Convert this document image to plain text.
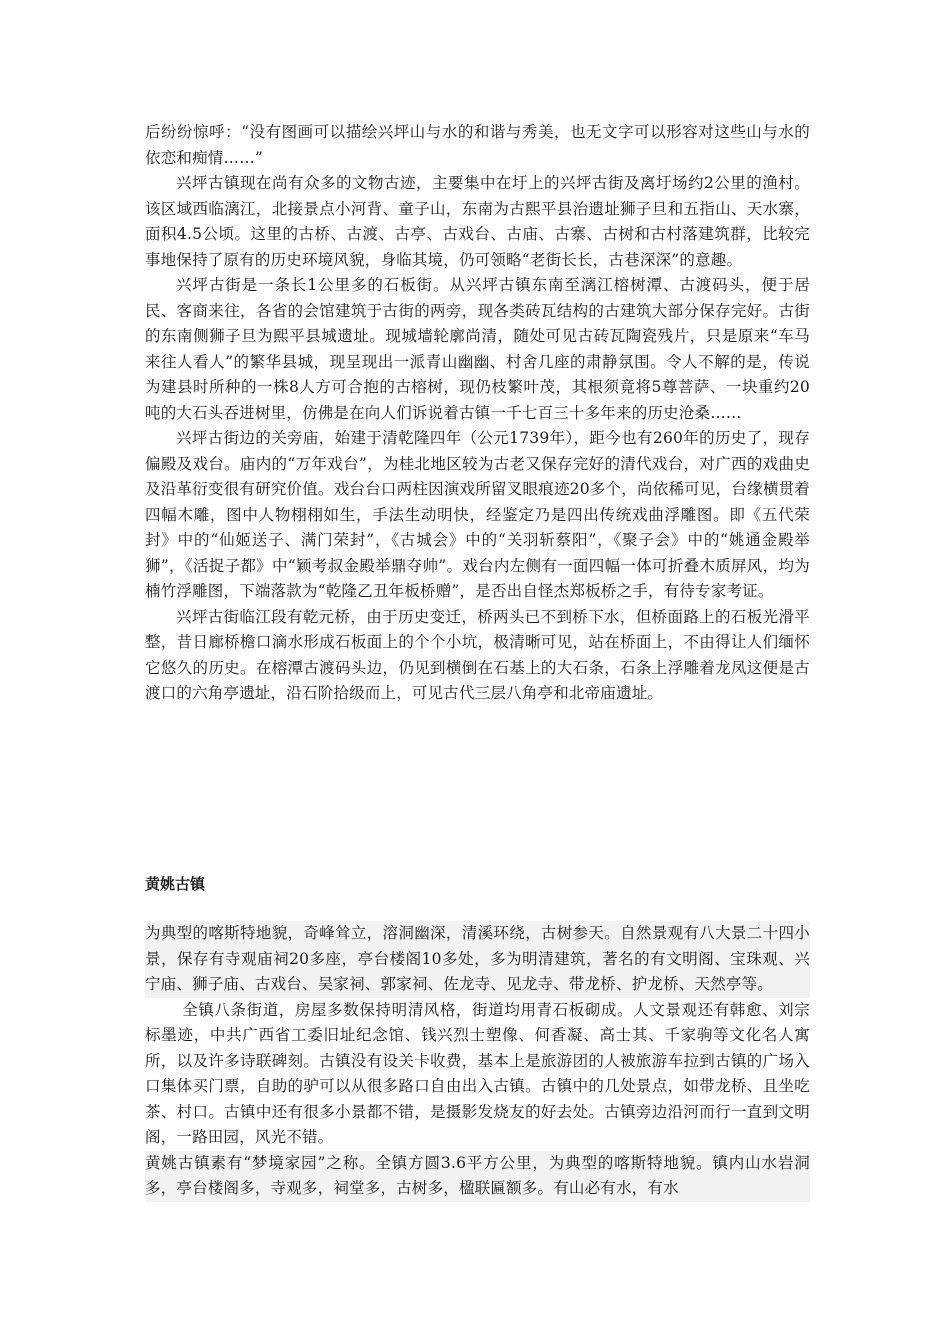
后纷纷惊呼：“没有图画可以描绘兴坪山与水的和谐与秀美，也无文字可以形容对这些山与水的依恋和痴情……”

兴坪古镇现在尚有众多的文物古迹，主要集中在圩上的兴坪古街及离圩场约2公里的渔村。该区域西临漓江，北接景点小河背、童子山，东南为古熙平县治遗址狮子旦和五指山、天水寨，面积4.5公顷。这里的古桥、古渡、古亭、古戏台、古庙、古寨、古树和古村落建筑群，比较完事地保持了原有的历史环境风貌，身临其境，仍可领略“老街长长，古巷深深”的意趣。

兴坪古街是一条长1公里多的石板街。从兴坪古镇东南至漓江榕树潭、古渡码头，便于居民、客商来往，各省的会馆建筑于古街的两旁，现各类砖瓦结构的古建筑大部分保存完好。古街的东南侧狮子旦为熙平县城遗址。现城墙轮廓尚清，随处可见古砖瓦陶瓷残片，只是原来“车马来往人看人”的繁华县城，现呈现出一派青山幽幽、村舍几座的肃静氛围。令人不解的是，传说为建县时所种的一株8人方可合抱的古榕树，现仍枝繁叶茂，其根须竟将5尊菩萨、一块重约20吨的大石头吞进树里，仿佛是在向人们诉说着古镇一千七百三十多年来的历史沧桑……

兴坪古街边的关旁庙，始建于清乾隆四年（公元1739年），距今也有260年的历史了，现存偏殿及戏台。庙内的“万年戏台”，为桂北地区较为古老又保存完好的清代戏台，对广西的戏曲史及沿革衍变很有研究价值。戏台台口两柱因演戏所留叉眼痕迹20多个，尚依稀可见，台缘横贯着四幅木雕，图中人物栩栩如生，手法生动明快，经鉴定乃是四出传统戏曲浮雕图。即《五代荣封》中的“仙姬送子、满门荣封”，《古城会》中的“关羽斩蔡阳”，《聚子会》中的“姚通金殿举狮”，《活捉子都》中“颖考叔金殿举鼎夺帅”。戏台内左侧有一面四幅一体可折叠木质屏风，均为楠竹浮雕图，下端落款为“乾隆乙丑年板桥赠”，是否出自怪杰郑板桥之手，有待专家考证。

兴坪古街临江段有乾元桥，由于历史变迁，桥两头已不到桥下水，但桥面路上的石板光滑平整，昔日廊桥檐口滴水形成石板面上的个个小坑，极清晰可见，站在桥面上，不由得让人们缅怀它悠久的历史。在榕潭古渡码头边，仍见到横倒在石基上的大石条，石条上浮雕着龙凤这便是古渡口的六角亭遗址，沿石阶拾级而上，可见古代三层八角亭和北帝庙遗址。

黄姚古镇

为典型的喀斯特地貌，奇峰耸立，溶洞幽深，清溪环绕，古树参天。自然景观有八大景二十四小景，保存有寺观庙祠20多座，亭台楼阁10多处，多为明清建筑，著名的有文明阁、宝珠观、兴宁庙、狮子庙、古戏台、吴家祠、郭家祠、佐龙寺、见龙寺、带龙桥、护龙桥、天然亭等。

全镇八条街道，房屋多数保持明清风格，街道均用青石板砌成。人文景观还有韩愈、刘宗标墨迹，中共广西省工委旧址纪念馆、钱兴烈士塑像、何香凝、高士其、千家驹等文化名人寓所，以及许多诗联碑刻。古镇没有设关卡收费，基本上是旅游团的人被旅游车拉到古镇的广场入口集体买门票，自助的驴可以从很多路口自由出入古镇。古镇中的几处景点，如带龙桥、且坐吃茶、村口。古镇中还有很多小景都不错，是摄影发烧友的好去处。古镇旁边沿河而行一直到文明阁，一路田园，风光不错。

黄姚古镇素有“梦境家园”之称。全镇方圆3.6平方公里，为典型的喀斯特地貌。镇内山水岩洞多，亭台楼阁多，寺观多，祠堂多，古树多，楹联匾额多。有山必有水，有水
